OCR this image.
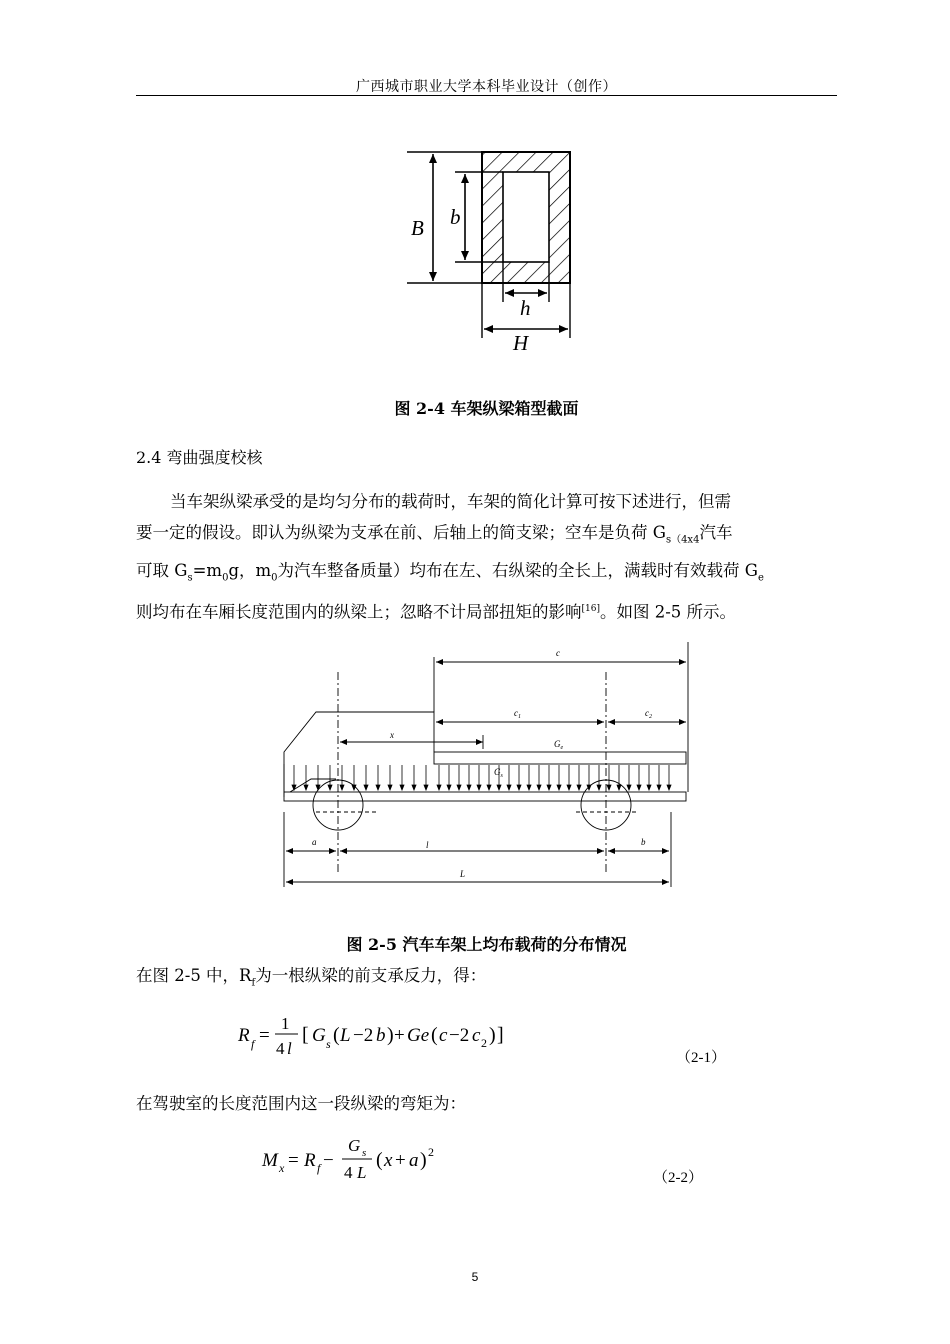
广西城市职业大学本科毕业设计（创作）
B b
h
H
图 2-4 车架纵梁箱型截面
2.4 弯曲强度校核

当车架纵梁承受的是均匀分布的载荷时，车架的简化计算可按下述进行，但需

要一定的假设。即认为纵梁为支承在前、后轴上的简支梁；空车是负荷 $G_{s(4x4}$汽车

可取 $G_s=m_0g$，$m_0$为汽车整备质量）均布在左、右纵梁的全长上，满载时有效载荷 $G_e$

则均布在车厢长度范围内的纵梁上；忽略不计局部扭矩的影响[16]。如图 2-5 所示。

c
$c_1$	$c_2$
x
$G_e$
$G_s$
a	l	b
L
图 2-5 汽车车架上均布载荷的分布情况

在图 2-5 中，$R_f$为一根纵梁的前支承反力，得：

R f =
1
4 l
[ G s ( L −2 b ) + Ge ( c −2 c 2 ) ]
（2-1）

在驾驶室的长度范围内这一段纵梁的弯矩为：

M x = R f −
G s
4 L
( x + a ) 2
（2-2）
5
